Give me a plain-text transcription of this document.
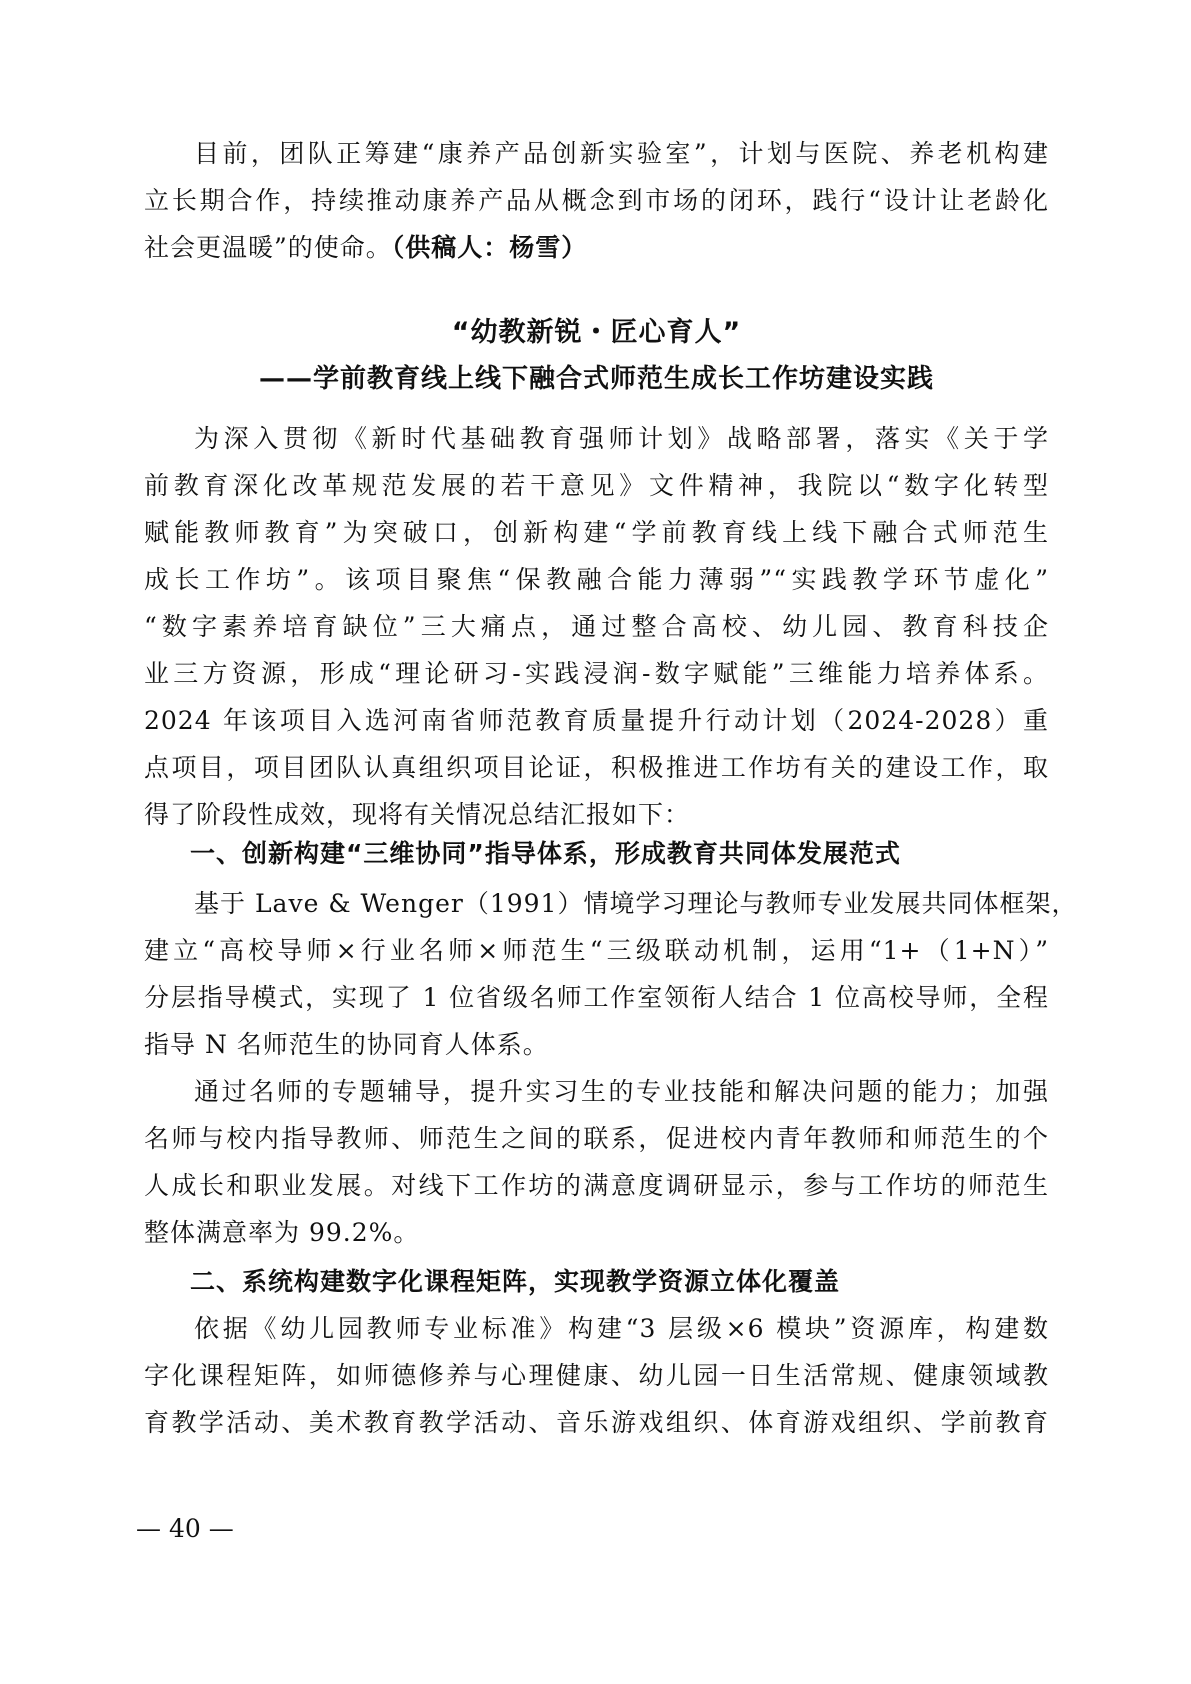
目前，团队正筹建“康养产品创新实验室”，计划与医院、养老机构建
立长期合作，持续推动康养产品从概念到市场的闭环，践行“设计让老龄化
社会更温暖”的使命。（供稿人：杨雪）

“幼教新锐・匠心育人”
——学前教育线上线下融合式师范生成长工作坊建设实践

为深入贯彻《新时代基础教育强师计划》战略部署，落实《关于学
前教育深化改革规范发展的若干意见》文件精神，我院以“数字化转型
赋能教师教育”为突破口，创新构建“学前教育线上线下融合式师范生
成长工作坊”。该项目聚焦“保教融合能力薄弱”“实践教学环节虚化”
“数字素养培育缺位”三大痛点，通过整合高校、幼儿园、教育科技企
业三方资源，形成“理论研习-实践浸润-数字赋能”三维能力培养体系。
2024 年该项目入选河南省师范教育质量提升行动计划（2024-2028）重
点项目，项目团队认真组织项目论证，积极推进工作坊有关的建设工作，取
得了阶段性成效，现将有关情况总结汇报如下：

一、创新构建“三维协同”指导体系，形成教育共同体发展范式

基于 Lave & Wenger（1991）情境学习理论与教师专业发展共同体框架，
建立“高校导师×行业名师×师范生“三级联动机制，运用“1+（1+N）”
分层指导模式，实现了 1 位省级名师工作室领衔人结合 1 位高校导师，全程
指导 N 名师范生的协同育人体系。

通过名师的专题辅导，提升实习生的专业技能和解决问题的能力；加强
名师与校内指导教师、师范生之间的联系，促进校内青年教师和师范生的个
人成长和职业发展。对线下工作坊的满意度调研显示，参与工作坊的师范生
整体满意率为 99.2%。

二、系统构建数字化课程矩阵，实现教学资源立体化覆盖

依据《幼儿园教师专业标准》构建“3 层级×6 模块”资源库，构建数
字化课程矩阵，如师德修养与心理健康、幼儿园一日生活常规、健康领域教
育教学活动、美术教育教学活动、音乐游戏组织、体育游戏组织、学前教育

— 40 —
